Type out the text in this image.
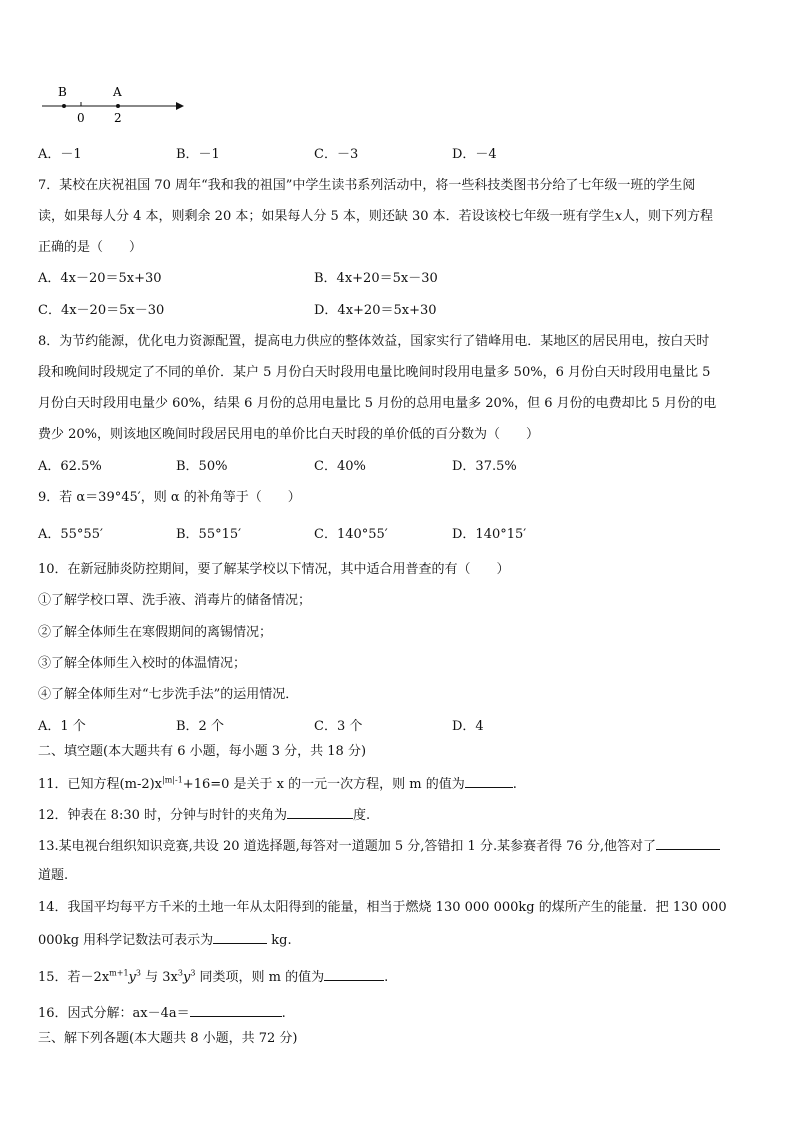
B	A
0 2
A．－1	B．－1	C．－3	D．－4
7．某校在庆祝祖国 70 周年“我和我的祖国”中学生读书系列活动中，将一些科技类图书分给了七年级一班的学生阅
读，如果每人分 4 本，则剩余 20 本；如果每人分 5 本，则还缺 30 本．若设该校七年级一班有学生x人，则下列方程
正确的是（　　）
A．4x－20＝5x+30	B．4x+20＝5x－30
C．4x－20＝5x－30	D．4x+20＝5x+30
8．为节约能源，优化电力资源配置，提高电力供应的整体效益，国家实行了错峰用电．某地区的居民用电，按白天时
段和晚间时段规定了不同的单价．某户 5 月份白天时段用电量比晚间时段用电量多 50%，6 月份白天时段用电量比 5
月份白天时段用电量少 60%，结果 6 月份的总用电量比 5 月份的总用电量多 20%，但 6 月份的电费却比 5 月份的电
费少 20%，则该地区晚间时段居民用电的单价比白天时段的单价低的百分数为（　　）
A．62.5%	B．50%	C．40%	D．37.5%
9．若 α＝39°45′，则 α 的补角等于（　　）
A．55°55′	B．55°15′	C．140°55′	D．140°15′
10．在新冠肺炎防控期间，要了解某学校以下情况，其中适合用普查的有（　　）
①了解学校口罩、洗手液、消毒片的储备情况；
②了解全体师生在寒假期间的离锡情况；
③了解全体师生入校时的体温情况；
④了解全体师生对“七步洗手法”的运用情况．
A．1 个	B．2 个	C．3 个	D．4
二、填空题(本大题共有 6 小题，每小题 3 分，共 18 分)
11．已知方程$(m-2)x^{|m|-1}+16=0$ 是关于 x 的一元一次方程，则 m 的值为	.
12．钟表在 8:30 时，分钟与时针的夹角为	度.
13.某电视台组织知识竞赛,共设 20 道选择题,每答对一道题加 5 分,答错扣 1 分.某参赛者得 76 分,他答对了
道题.
14．我国平均每平方千米的土地一年从太阳得到的能量，相当于燃烧 130 000 000kg 的煤所产生的能量．把 130 000
000kg 用科学记数法可表示为	kg.
15．若$-2x^{m+1}y^3$ 与 $3x^3y^3$ 同类项，则 m 的值为	.
16．因式分解：ax－4a＝	.
三、解下列各题(本大题共 8 小题，共 72 分)
